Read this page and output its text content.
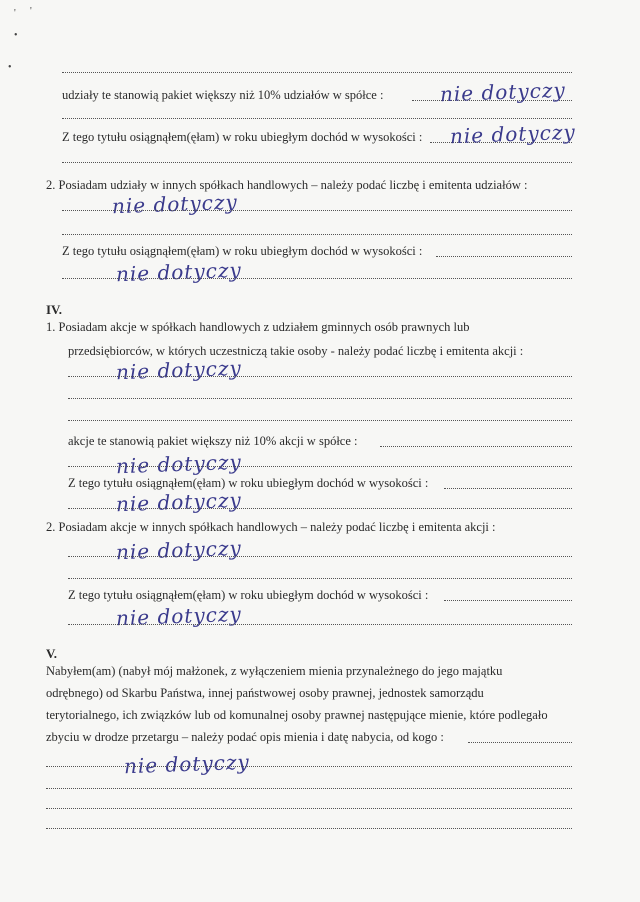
' '
•
•
udziały te stanowią pakiet większy niż 10% udziałów w spółce :	nie dotyczy
Z tego tytułu osiągnąłem(ęłam) w roku ubiegłym dochód w wysokości : nie dotyczy
2. Posiadam udziały w innych spółkach handlowych – należy podać liczbę i emitenta udziałów :
nie dotyczy
Z tego tytułu osiągnąłem(ęłam) w roku ubiegłym dochód w wysokości :
nie dotyczy
IV.
1. Posiadam akcje w spółkach handlowych z udziałem gminnych osób prawnych lub
przedsiębiorców, w których uczestniczą takie osoby - należy podać liczbę i emitenta akcji :
nie dotyczy
akcje te stanowią pakiet większy niż 10% akcji w spółce :
nie dotyczy
Z tego tytułu osiągnąłem(ęłam) w roku ubiegłym dochód w wysokości :
nie dotyczy
2. Posiadam akcje w innych spółkach handlowych – należy podać liczbę i emitenta akcji :
nie dotyczy
Z tego tytułu osiągnąłem(ęłam) w roku ubiegłym dochód w wysokości :
nie dotyczy
V.
Nabyłem(am) (nabył mój małżonek, z wyłączeniem mienia przynależnego do jego majątku
odrębnego) od Skarbu Państwa, innej państwowej osoby prawnej, jednostek samorządu
terytorialnego, ich związków lub od komunalnej osoby prawnej następujące mienie, które podlegało
zbyciu w drodze przetargu – należy podać opis mienia i datę nabycia, od kogo :
nie dotyczy
